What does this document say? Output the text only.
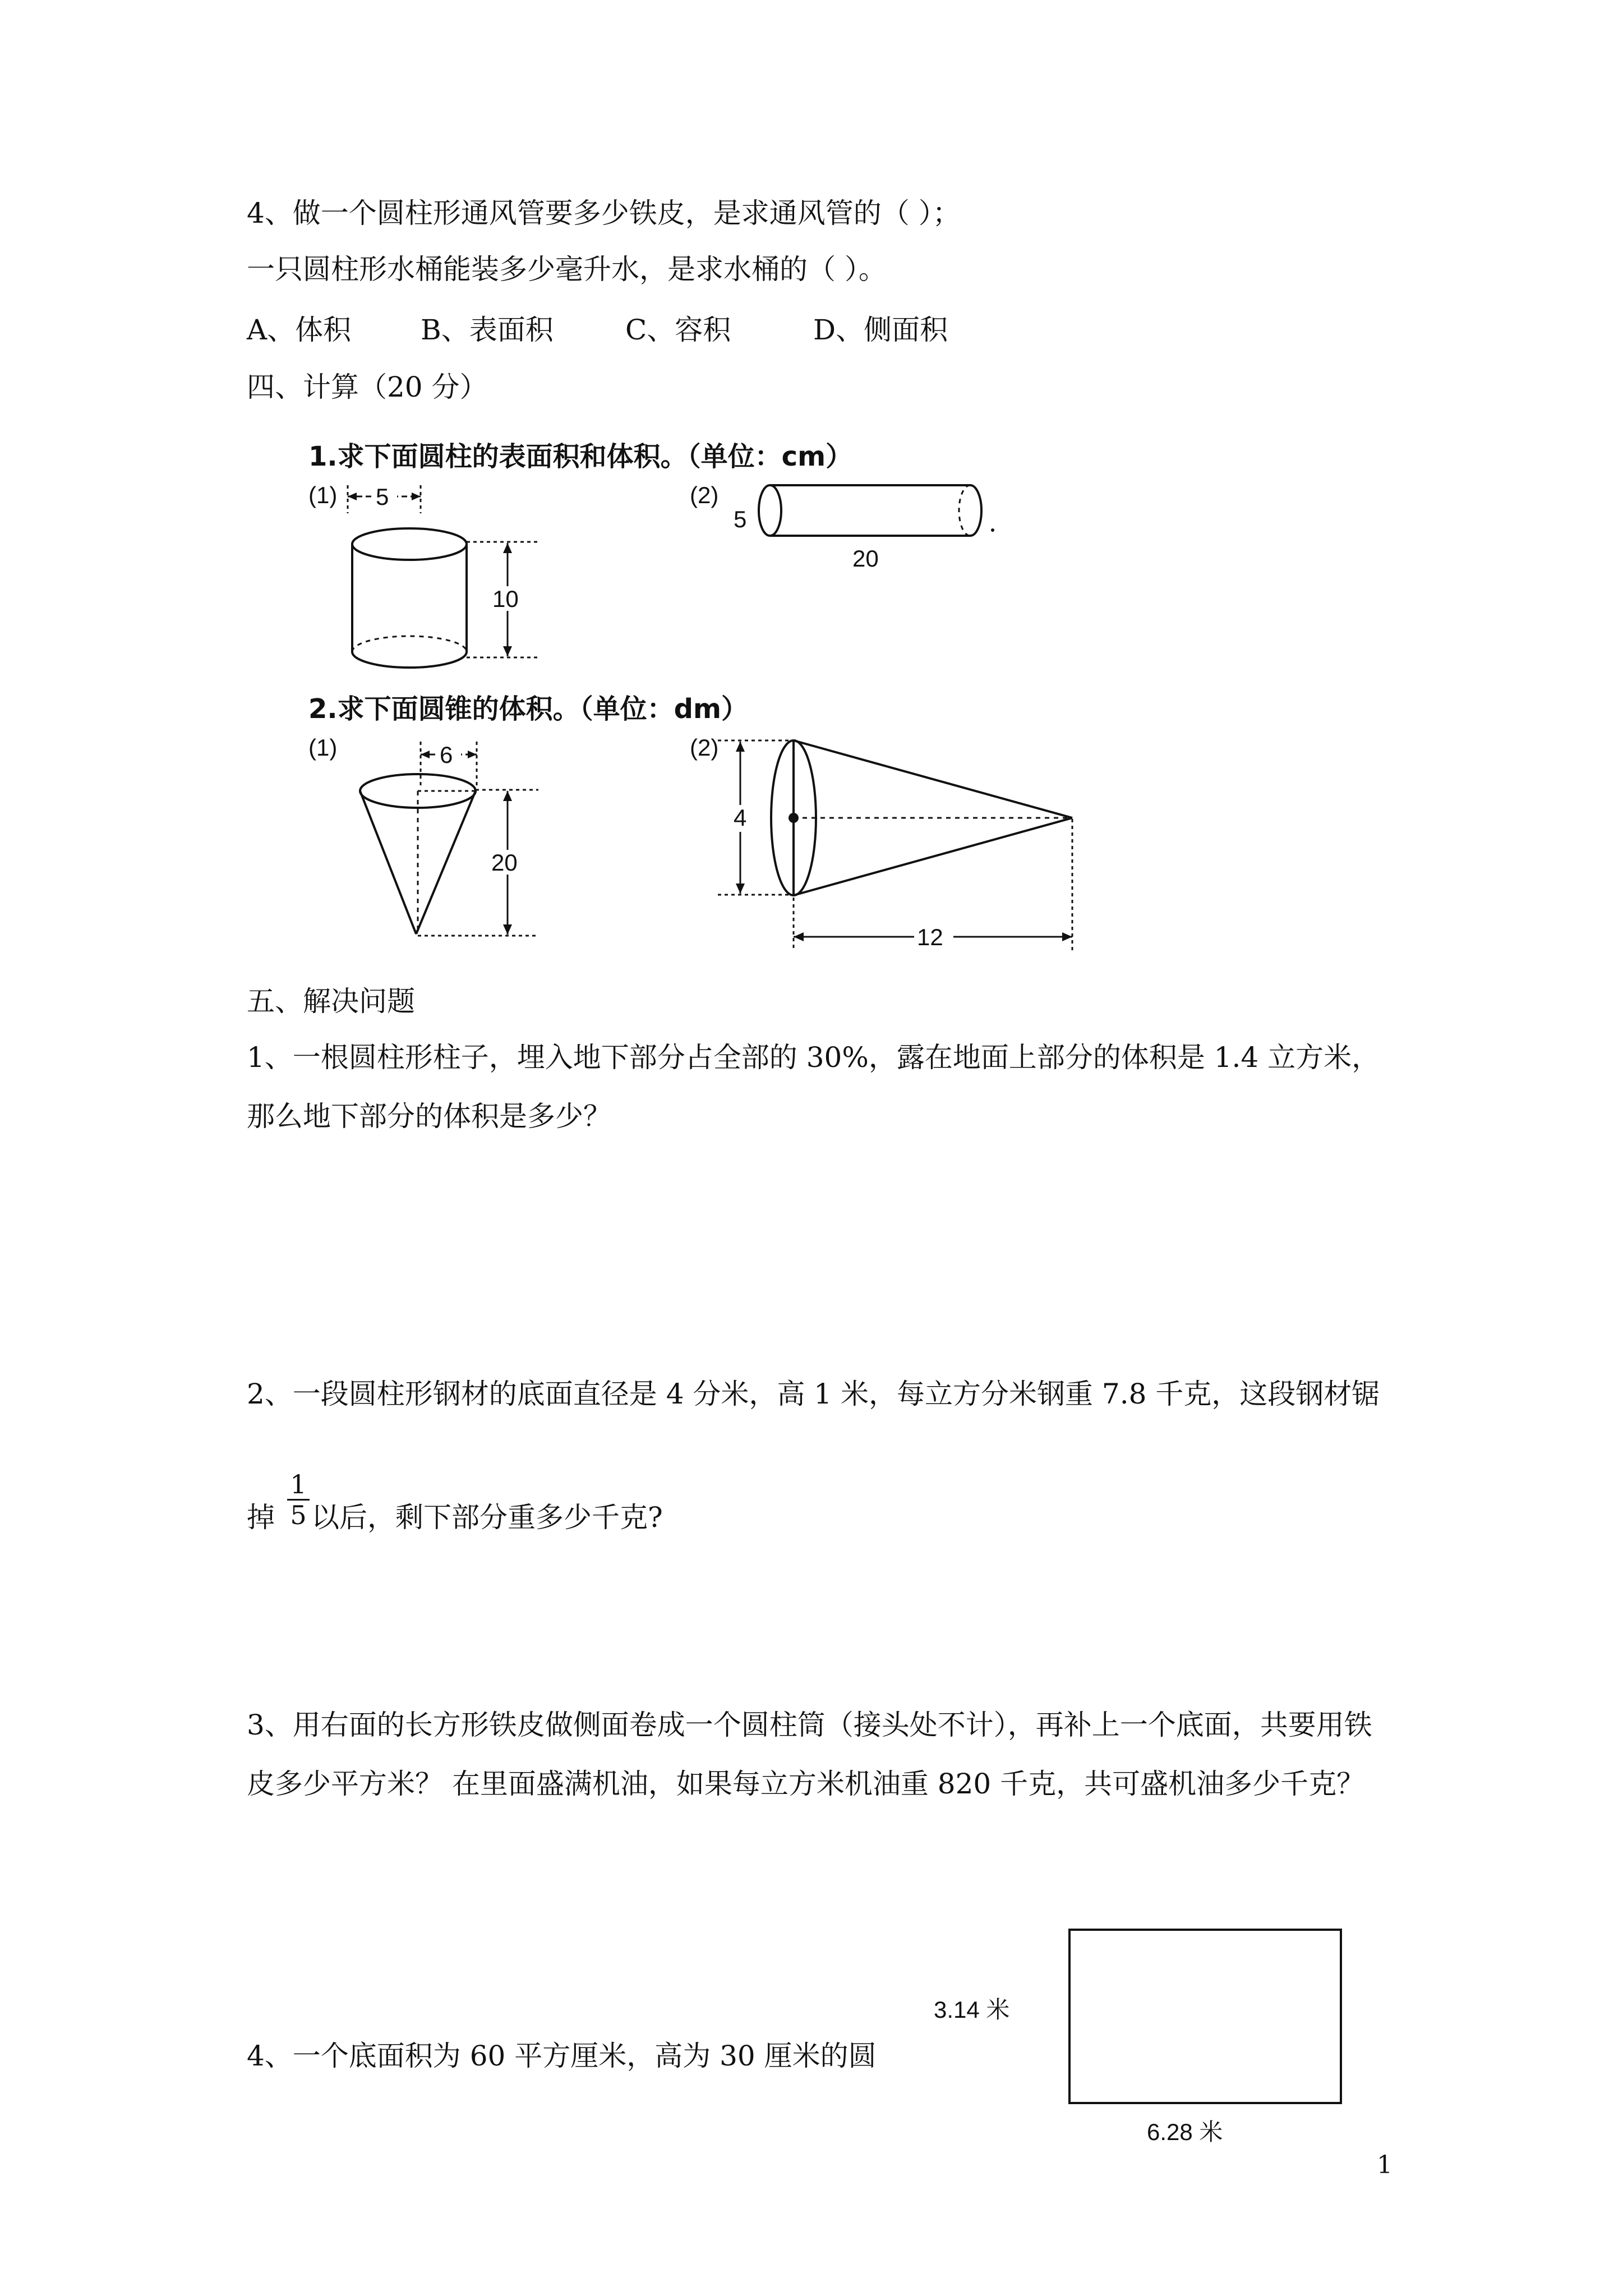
4、做一个圆柱形通风管要多少铁皮，是求通风管的（ ）；
一只圆柱形水桶能装多少毫升水，是求水桶的（ ）。
A、体积 B、表面积	C、容积	D、侧面积
四、计算（20 分）
1.求下面圆柱的表面积和体积。（单位：cm）
(1) 5
10
(2)
5
20
2.求下面圆锥的体积。（单位：dm）
(1)	6
20
(2)
4
12
五、解决问题
1、一根圆柱形柱子，埋入地下部分占全部的 30%，露在地面上部分的体积是 1.4 立方米，
那么地下部分的体积是多少？
2、一段圆柱形钢材的底面直径是 4 分米，高 1 米，每立方分米钢重 7.8 千克，这段钢材锯
掉 $\frac{1}{5}$ 以后，剩下部分重多少千克?
3、用右面的长方形铁皮做侧面卷成一个圆柱筒（接头处不计），再补上一个底面，共要用铁
皮多少平方米？ 在里面盛满机油，如果每立方米机油重 820 千克，共可盛机油多少千克？
3.14 米
6.28 米
4、一个底面积为 60 平方厘米，高为 30 厘米的圆
1
